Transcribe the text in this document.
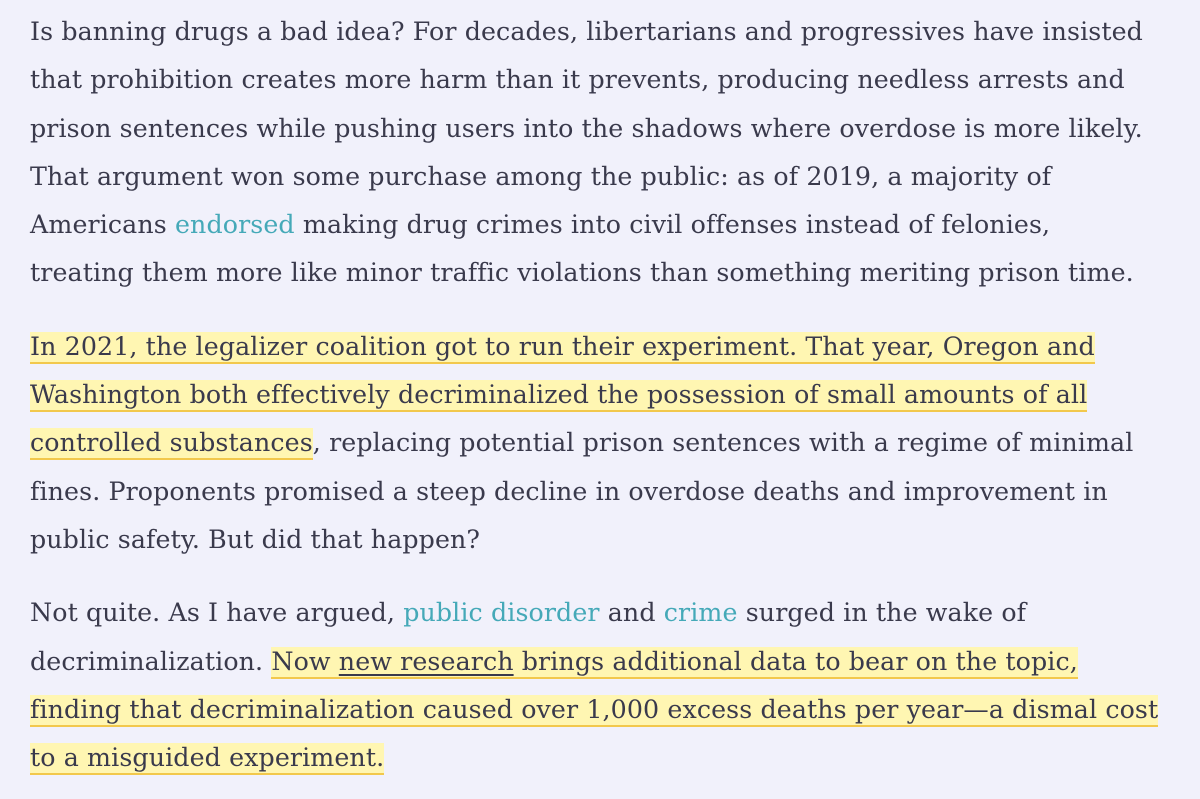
Is banning drugs a bad idea? For decades, libertarians and progressives have insisted
that prohibition creates more harm than it prevents, producing needless arrests and
prison sentences while pushing users into the shadows where overdose is more likely.
That argument won some purchase among the public: as of 2019, a majority of
Americans endorsed making drug crimes into civil offenses instead of felonies,
treating them more like minor traffic violations than something meriting prison time.

In 2021, the legalizer coalition got to run their experiment. That year, Oregon and
Washington both effectively decriminalized the possession of small amounts of all
controlled substances, replacing potential prison sentences with a regime of minimal
fines. Proponents promised a steep decline in overdose deaths and improvement in
public safety. But did that happen?

Not quite. As I have argued, public disorder and crime surged in the wake of
decriminalization. Now new research brings additional data to bear on the topic,
finding that decriminalization caused over 1,000 excess deaths per year—a dismal cost
to a misguided experiment.
